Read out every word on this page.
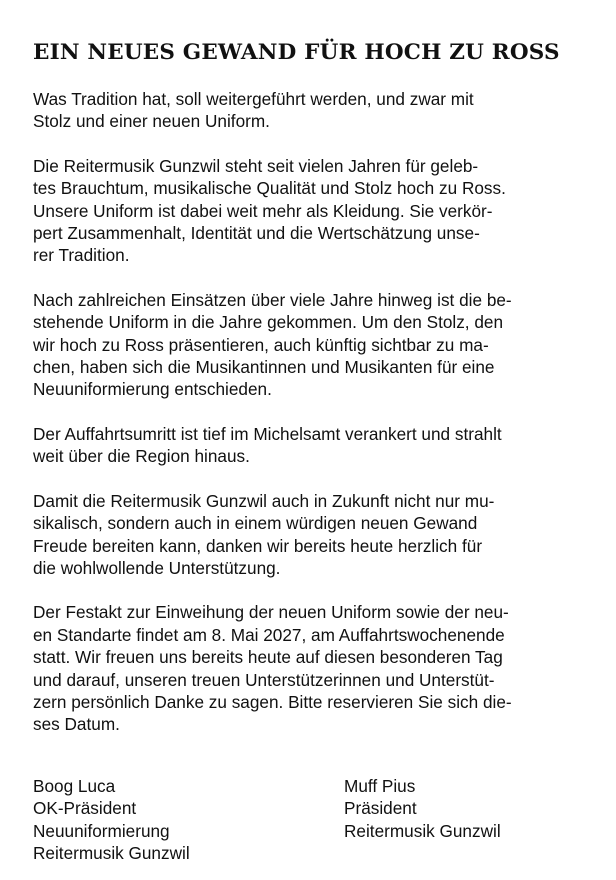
EIN NEUES GEWAND FÜR HOCH ZU ROSS

Was Tradition hat, soll weitergeführt werden, und zwar mit
Stolz und einer neuen Uniform.

Die Reitermusik Gunzwil steht seit vielen Jahren für geleb-
tes Brauchtum, musikalische Qualität und Stolz hoch zu Ross.
Unsere Uniform ist dabei weit mehr als Kleidung. Sie verkör-
pert Zusammenhalt, Identität und die Wertschätzung unse-
rer Tradition.

Nach zahlreichen Einsätzen über viele Jahre hinweg ist die be-
stehende Uniform in die Jahre gekommen. Um den Stolz, den
wir hoch zu Ross präsentieren, auch künftig sichtbar zu ma-
chen, haben sich die Musikantinnen und Musikanten für eine
Neuuniformierung entschieden.

Der Auffahrtsumritt ist tief im Michelsamt verankert und strahlt
weit über die Region hinaus.

Damit die Reitermusik Gunzwil auch in Zukunft nicht nur mu-
sikalisch, sondern auch in einem würdigen neuen Gewand
Freude bereiten kann, danken wir bereits heute herzlich für
die wohlwollende Unterstützung.

Der Festakt zur Einweihung der neuen Uniform sowie der neu-
en Standarte findet am 8. Mai 2027, am Auffahrtswochenende
statt. Wir freuen uns bereits heute auf diesen besonderen Tag
und darauf, unseren treuen Unterstützerinnen und Unterstüt-
zern persönlich Danke zu sagen. Bitte reservieren Sie sich die-
ses Datum.

Boog Luca
OK-Präsident
Neuuniformierung
Reitermusik Gunzwil
Muff Pius
Präsident
Reitermusik Gunzwil
